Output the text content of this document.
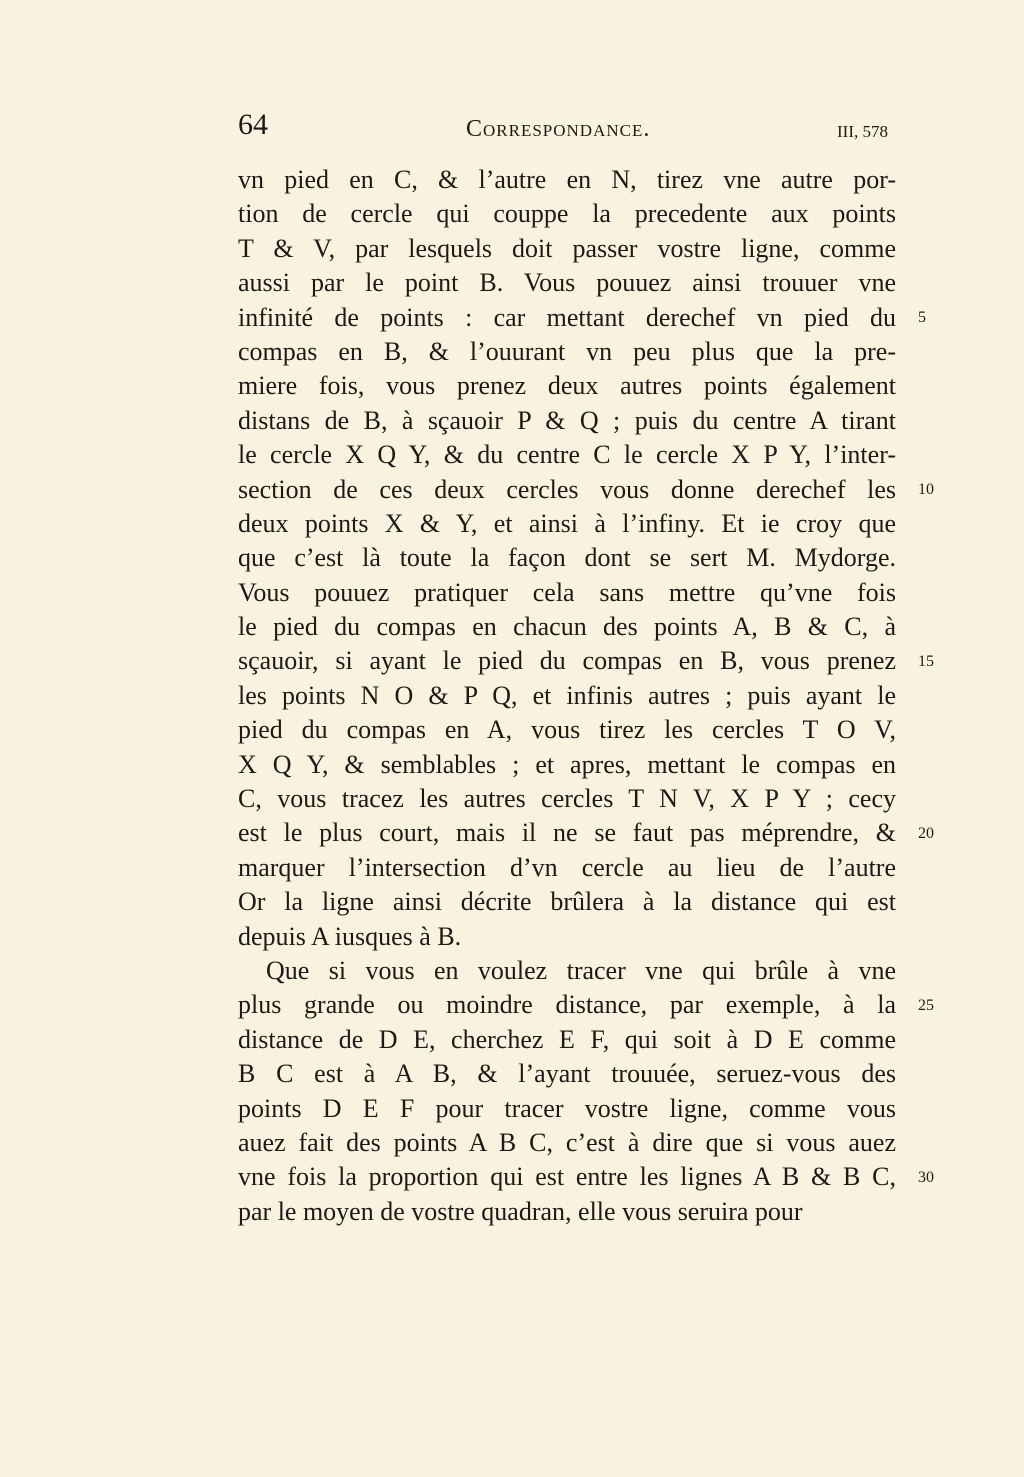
64	Correspondance.	III, 578
vn pied en C, & l’autre en N, tirez vne autre por-
tion de cercle qui couppe la precedente aux points
T & V, par lesquels doit passer vostre ligne, comme
aussi par le point B. Vous pouuez ainsi trouuer vne
infinité de points : car mettant derechef vn pied du
compas en B, & l’ouurant vn peu plus que la pre-
miere fois, vous prenez deux autres points également
distans de B, à sçauoir P & Q ; puis du centre A tirant
le cercle X Q Y, & du centre C le cercle X P Y, l’inter-
section de ces deux cercles vous donne derechef les
deux points X & Y, et ainsi à l’infiny. Et ie croy que
que c’est là toute la façon dont se sert M. Mydorge.
Vous pouuez pratiquer cela sans mettre qu’vne fois
le pied du compas en chacun des points A, B & C, à
sçauoir, si ayant le pied du compas en B, vous prenez
les points N O & P Q, et infinis autres ; puis ayant le
pied du compas en A, vous tirez les cercles T O V,
X Q Y, & semblables ; et apres, mettant le compas en
C, vous tracez les autres cercles T N V, X P Y ; cecy
est le plus court, mais il ne se faut pas méprendre, &
marquer l’intersection d’vn cercle au lieu de l’autre
Or la ligne ainsi décrite brûlera à la distance qui est
depuis A iusques à B.
Que si vous en voulez tracer vne qui brûle à vne
plus grande ou moindre distance, par exemple, à la
distance de D E, cherchez E F, qui soit à D E comme
B C est à A B, & l’ayant trouuée, seruez-vous des
points D E F pour tracer vostre ligne, comme vous
auez fait des points A B C, c’est à dire que si vous auez
vne fois la proportion qui est entre les lignes A B & B C,
par le moyen de vostre quadran, elle vous seruira pour
5
10
15
20
25
30
